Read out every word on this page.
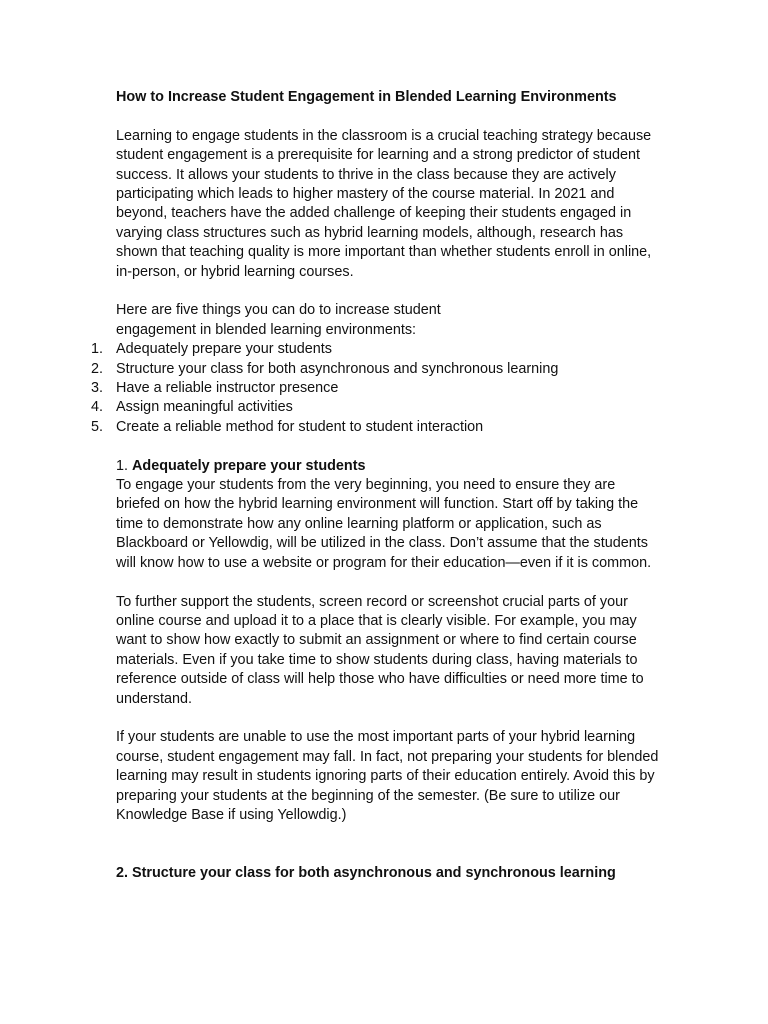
How to Increase Student Engagement in Blended Learning Environments

Learning to engage students in the classroom is a crucial teaching strategy because student engagement is a prerequisite for learning and a strong predictor of student success. It allows your students to thrive in the class because they are actively participating which leads to higher mastery of the course material. In 2021 and beyond, teachers have the added challenge of keeping their students engaged in varying class structures such as hybrid learning models, although, research has shown that teaching quality is more important than whether students enroll in online, in-person, or hybrid learning courses.

Here are five things you can do to increase student

engagement in blended learning environments:

1. Adequately prepare your students
2. Structure your class for both asynchronous and synchronous learning
3. Have a reliable instructor presence
4. Assign meaningful activities
5. Create a reliable method for student to student interaction

1. Adequately prepare your students

To engage your students from the very beginning, you need to ensure they are briefed on how the hybrid learning environment will function. Start off by taking the time to demonstrate how any online learning platform or application, such as Blackboard or Yellowdig, will be utilized in the class. Don’t assume that the students will know how to use a website or program for their education—even if it is common.

To further support the students, screen record or screenshot crucial parts of your online course and upload it to a place that is clearly visible. For example, you may want to show how exactly to submit an assignment or where to find certain course materials. Even if you take time to show students during class, having materials to reference outside of class will help those who have difficulties or need more time to understand.

If your students are unable to use the most important parts of your hybrid learning course, student engagement may fall. In fact, not preparing your students for blended learning may result in students ignoring parts of their education entirely. Avoid this by preparing your students at the beginning of the semester. (Be sure to utilize our Knowledge Base if using Yellowdig.)

2. Structure your class for both asynchronous and synchronous learning
